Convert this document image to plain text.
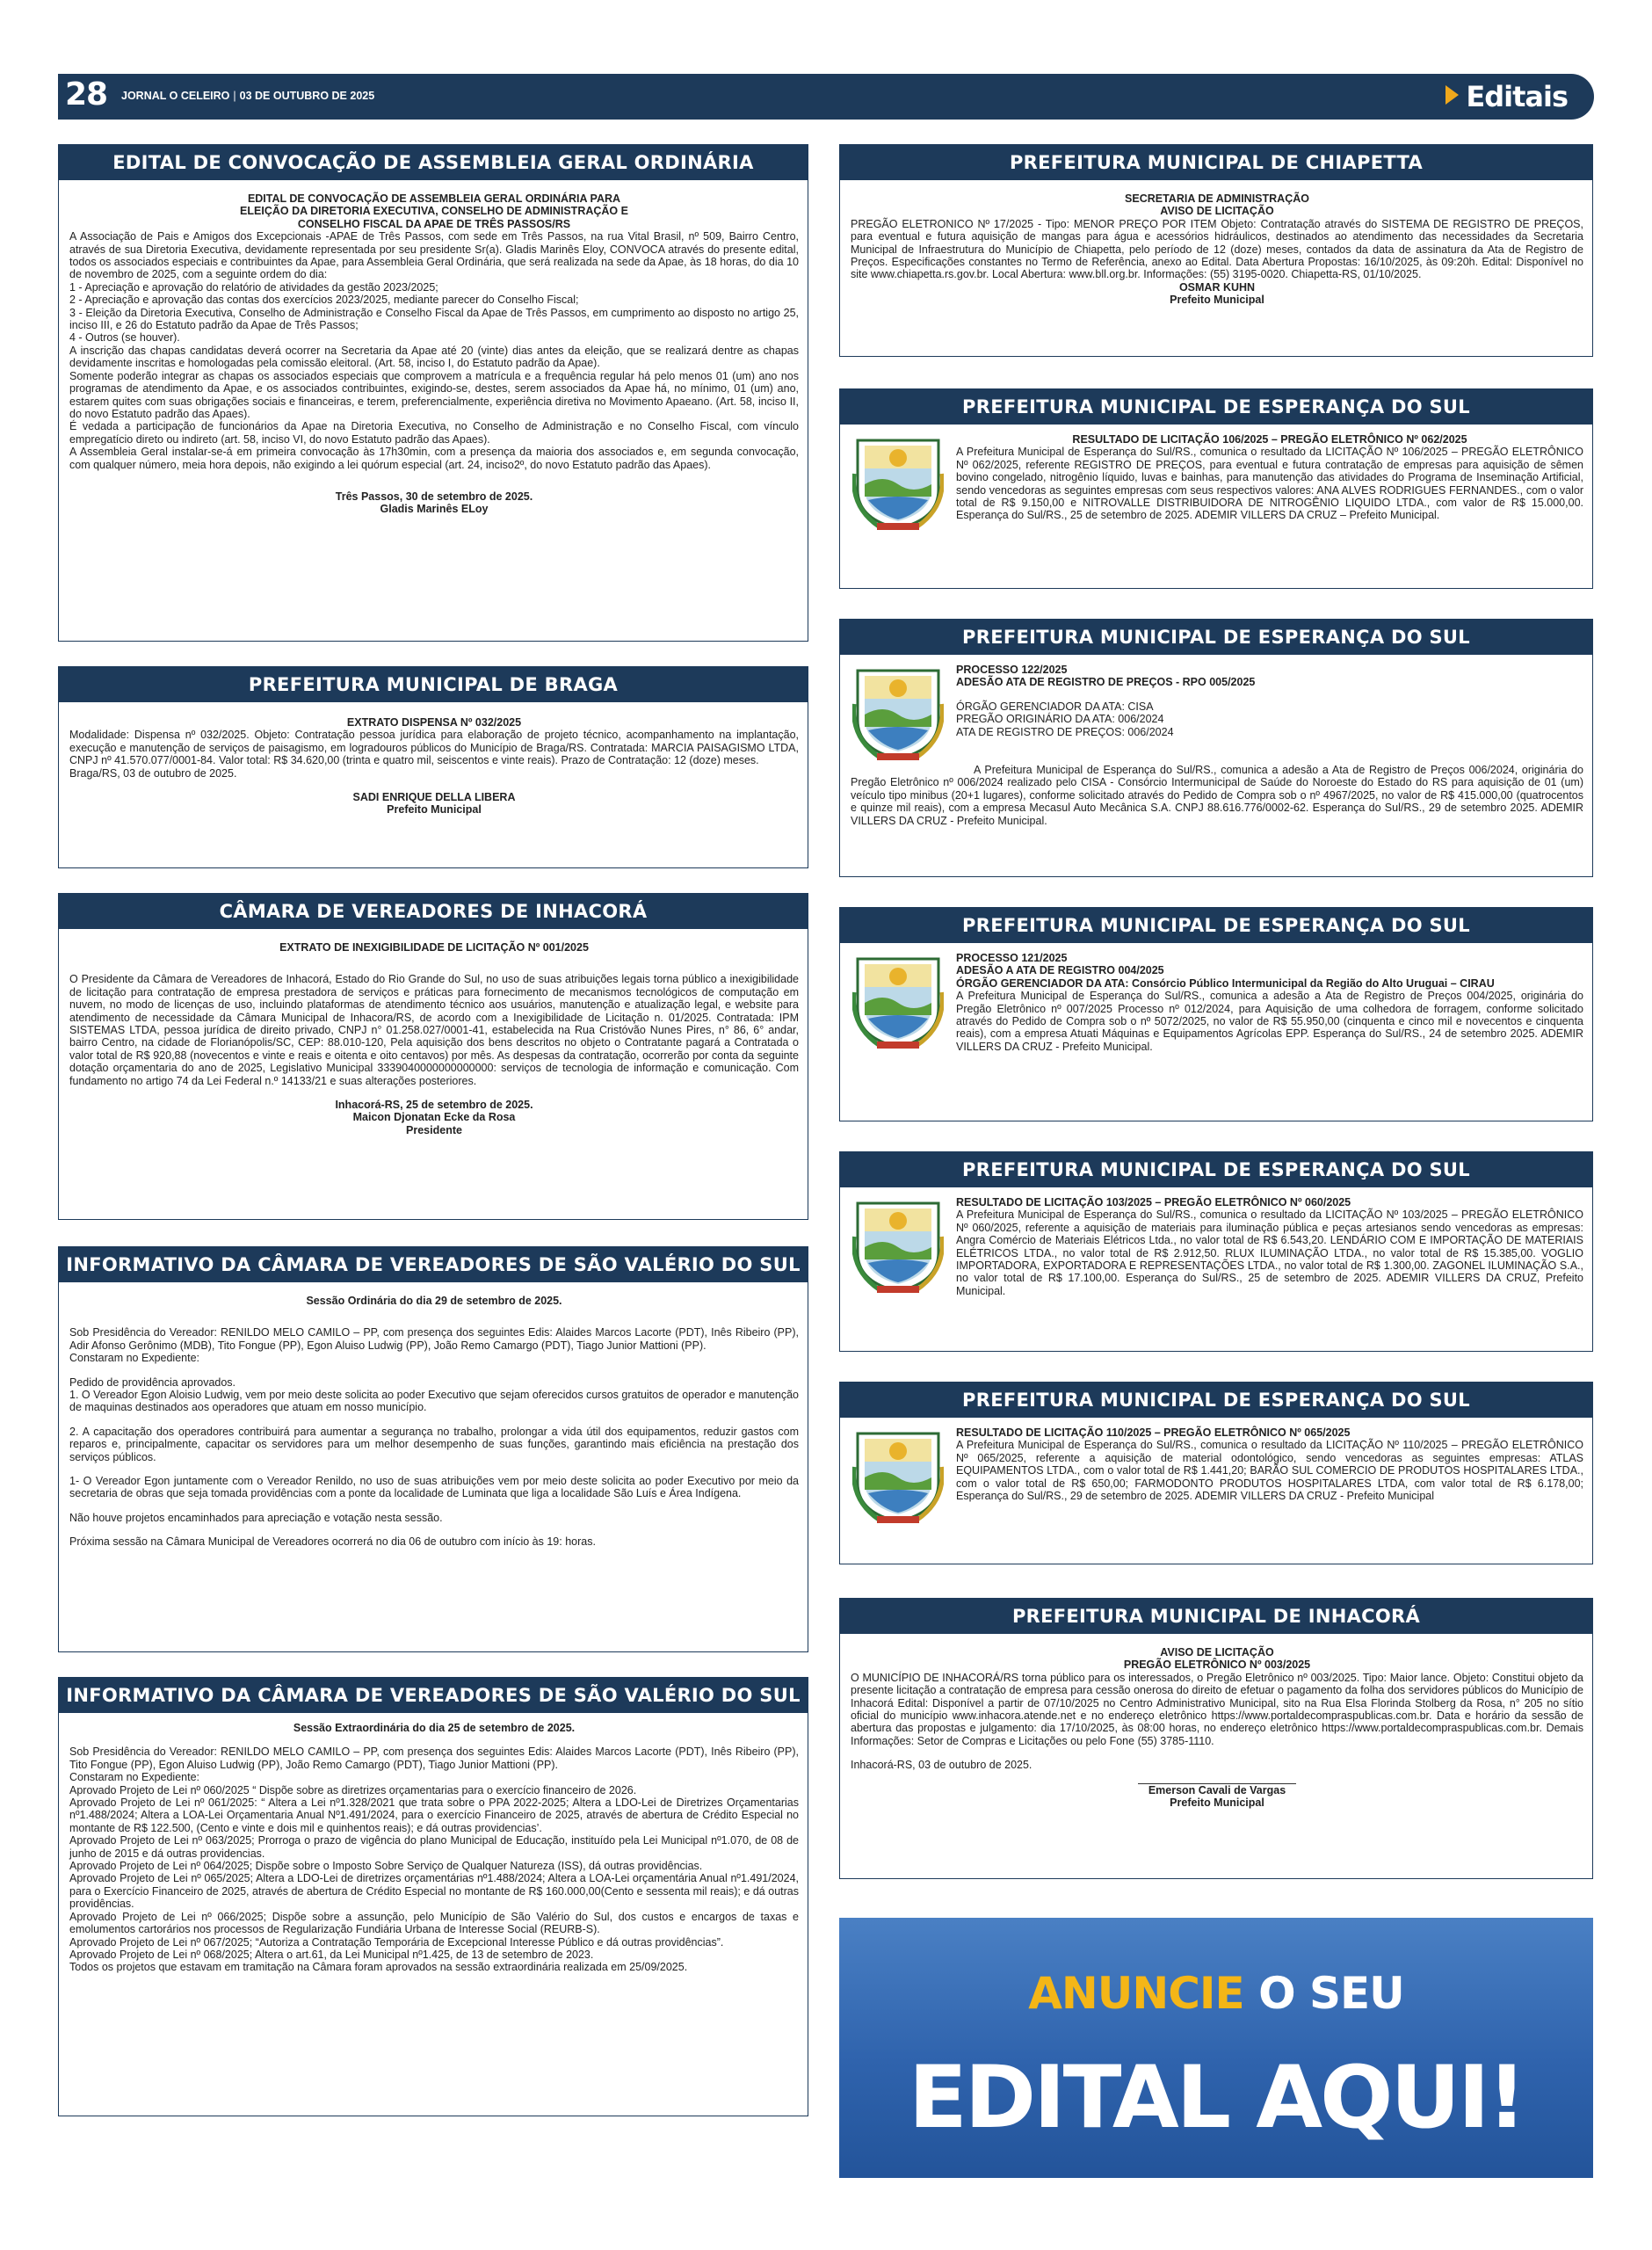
28 JORNAL O CELEIRO | 03 DE OUTUBRO DE 2025	Editais
EDITAL DE CONVOCAÇÃO DE ASSEMBLEIA GERAL ORDINÁRIA

EDITAL DE CONVOCAÇÃO DE ASSEMBLEIA GERAL ORDINÁRIA PARA

ELEIÇÃO DA DIRETORIA EXECUTIVA, CONSELHO DE ADMINISTRAÇÃO E

CONSELHO FISCAL DA APAE DE TRÊS PASSOS/RS

A Associação de Pais e Amigos dos Excepcionais -APAE de Três Passos, com sede em Três Passos, na rua Vital Brasil, nº 509, Bairro Centro, através de sua Diretoria Executiva, devidamente representada por seu presidente Sr(a). Gladis Marinês Eloy, CONVOCA através do presente edital, todos os associados especiais e contribuintes da Apae, para Assembleia Geral Ordinária, que será realizada na sede da Apae, às 18 horas, do dia 10 de novembro de 2025, com a seguinte ordem do dia:

1 - Apreciação e aprovação do relatório de atividades da gestão 2023/2025;

2 - Apreciação e aprovação das contas dos exercícios 2023/2025, mediante parecer do Conselho Fiscal;

3 - Eleição da Diretoria Executiva, Conselho de Administração e Conselho Fiscal da Apae de Três Passos, em cumprimento ao disposto no artigo 25, inciso III, e 26 do Estatuto padrão da Apae de Três Passos;

4 - Outros (se houver).

A inscrição das chapas candidatas deverá ocorrer na Secretaria da Apae até 20 (vinte) dias antes da eleição, que se realizará dentre as chapas devidamente inscritas e homologadas pela comissão eleitoral. (Art. 58, inciso I, do Estatuto padrão da Apae).

Somente poderão integrar as chapas os associados especiais que comprovem a matrícula e a frequência regular há pelo menos 01 (um) ano nos programas de atendimento da Apae, e os associados contribuintes, exigindo-se, destes, serem associados da Apae há, no mínimo, 01 (um) ano, estarem quites com suas obrigações sociais e financeiras, e terem, preferencialmente, experiência diretiva no Movimento Apaeano. (Art. 58, inciso II, do novo Estatuto padrão das Apaes).

É vedada a participação de funcionários da Apae na Diretoria Executiva, no Conselho de Administração e no Conselho Fiscal, com vínculo empregatício direto ou indireto (art. 58, inciso VI, do novo Estatuto padrão das Apaes).

A Assembleia Geral instalar-se-á em primeira convocação às 17h30min, com a presença da maioria dos associados e, em segunda convocação, com qualquer número, meia hora depois, não exigindo a lei quórum especial (art. 24, inciso2º, do novo Estatuto padrão das Apaes).

Três Passos, 30 de setembro de 2025.

Gladis Marinês ELoy

PREFEITURA MUNICIPAL DE BRAGA

EXTRATO DISPENSA Nº 032/2025

Modalidade: Dispensa nº 032/2025. Objeto: Contratação pessoa jurídica para elaboração de projeto técnico, acompanhamento na implantação, execução e manutenção de serviços de paisagismo, em logradouros públicos do Município de Braga/RS. Contratada: MARCIA PAISAGISMO LTDA, CNPJ nº 41.570.077/0001-84. Valor total: R$ 34.620,00 (trinta e quatro mil, seiscentos e vinte reais). Prazo de Contratação: 12 (doze) meses.

Braga/RS, 03 de outubro de 2025.

SADI ENRIQUE DELLA LIBERA

Prefeito Municipal

CÂMARA DE VEREADORES DE INHACORÁ

EXTRATO DE INEXIGIBILIDADE DE LICITAÇÃO Nº 001/2025

O Presidente da Câmara de Vereadores de Inhacorá, Estado do Rio Grande do Sul, no uso de suas atribuições legais torna público a inexigibilidade de licitação para contratação de empresa prestadora de serviços e práticas para fornecimento de mecanismos tecnológicos de computação em nuvem, no modo de licenças de uso, incluindo plataformas de atendimento técnico aos usuários, manutenção e atualização legal, e website para atendimento de necessidade da Câmara Municipal de Inhacora/RS, de acordo com a Inexigibilidade de Licitação n. 01/2025. Contratada: IPM SISTEMAS LTDA, pessoa jurídica de direito privado, CNPJ n° 01.258.027/0001-41, estabelecida na Rua Cristóvão Nunes Pires, n° 86, 6° andar, bairro Centro, na cidade de Florianópolis/SC, CEP: 88.010-120, Pela aquisição dos bens descritos no objeto o Contratante pagará a Contratada o valor total de R$ 920,88 (novecentos e vinte e reais e oitenta e oito centavos) por mês. As despesas da contratação, ocorrerão por conta da seguinte dotação orçamentaria do ano de 2025, Legislativo Municipal 3339040000000000000: serviços de tecnologia de informação e comunicação. Com fundamento no artigo 74 da Lei Federal n.º 14133/21 e suas alterações posteriores.

Inhacorá-RS, 25 de setembro de 2025.

Maicon Djonatan Ecke da Rosa

Presidente

INFORMATIVO DA CÂMARA DE VEREADORES DE SÃO VALÉRIO DO SUL

Sessão Ordinária do dia 29 de setembro de 2025.

Sob Presidência do Vereador: RENILDO MELO CAMILO – PP, com presença dos seguintes Edis: Alaides Marcos Lacorte (PDT), Inês Ribeiro (PP), Adir Afonso Gerônimo (MDB), Tito Fongue (PP), Egon Aluiso Ludwig (PP), João Remo Camargo (PDT), Tiago Junior Mattioni (PP).

Constaram no Expediente:

Pedido de providência aprovados.

1. O Vereador Egon Aloisio Ludwig, vem por meio deste solicita ao poder Executivo que sejam oferecidos cursos gratuitos de operador e manutenção de maquinas destinados aos operadores que atuam em nosso município.

2. A capacitação dos operadores contribuirá para aumentar a segurança no trabalho, prolongar a vida útil dos equipamentos, reduzir gastos com reparos e, principalmente, capacitar os servidores para um melhor desempenho de suas funções, garantindo mais eficiência na prestação dos serviços públicos.

1- O Vereador Egon juntamente com o Vereador Renildo, no uso de suas atribuições vem por meio deste solicita ao poder Executivo por meio da secretaria de obras que seja tomada providências com a ponte da localidade de Luminata que liga a localidade São Luís e Área Indígena.

Não houve projetos encaminhados para apreciação e votação nesta sessão.

Próxima sessão na Câmara Municipal de Vereadores ocorrerá no dia 06 de outubro com início às 19: horas.

INFORMATIVO DA CÂMARA DE VEREADORES DE SÃO VALÉRIO DO SUL

Sessão Extraordinária do dia 25 de setembro de 2025.

Sob Presidência do Vereador: RENILDO MELO CAMILO – PP, com presença dos seguintes Edis: Alaides Marcos Lacorte (PDT), Inês Ribeiro (PP), Tito Fongue (PP), Egon Aluiso Ludwig (PP), João Remo Camargo (PDT), Tiago Junior Mattioni (PP).

Constaram no Expediente:

Aprovado Projeto de Lei nº 060/2025 “ Dispõe sobre as diretrizes orçamentarias para o exercício financeiro de 2026.

Aprovado Projeto de Lei nº 061/2025: “ Altera a Lei nº1.328/2021 que trata sobre o PPA 2022-2025; Altera a LDO-Lei de Diretrizes Orçamentarias nº1.488/2024; Altera a LOA-Lei Orçamentaria Anual Nº1.491/2024, para o exercício Financeiro de 2025, através de abertura de Crédito Especial no montante de R$ 122.500, (Cento e vinte e dois mil e quinhentos reais); e dá outras providencias’.

Aprovado Projeto de Lei nº 063/2025; Prorroga o prazo de vigência do plano Municipal de Educação, instituído pela Lei Municipal nº1.070, de 08 de junho de 2015 e dá outras providencias.

Aprovado Projeto de Lei nº 064/2025; Dispõe sobre o Imposto Sobre Serviço de Qualquer Natureza (ISS), dá outras providências.

Aprovado Projeto de Lei nº 065/2025; Altera a LDO-Lei de diretrizes orçamentárias nº1.488/2024; Altera a LOA-Lei orçamentária Anual nº1.491/2024, para o Exercício Financeiro de 2025, através de abertura de Crédito Especial no montante de R$ 160.000,00(Cento e sessenta mil reais); e dá outras providências.

Aprovado Projeto de Lei nº 066/2025; Dispõe sobre a assunção, pelo Município de São Valério do Sul, dos custos e encargos de taxas e emolumentos cartorários nos processos de Regularização Fundiária Urbana de Interesse Social (REURB-S).

Aprovado Projeto de Lei nº 067/2025; “Autoriza a Contratação Temporária de Excepcional Interesse Público e dá outras providências”.

Aprovado Projeto de Lei nº 068/2025; Altera o art.61, da Lei Municipal nº1.425, de 13 de setembro de 2023.

Todos os projetos que estavam em tramitação na Câmara foram aprovados na sessão extraordinária realizada em 25/09/2025.

PREFEITURA MUNICIPAL DE CHIAPETTA

SECRETARIA DE ADMINISTRAÇÃO

AVISO DE LICITAÇÃO

PREGÃO ELETRONICO Nº 17/2025 - Tipo: MENOR PREÇO POR ITEM Objeto: Contratação através do SISTEMA DE REGISTRO DE PREÇOS, para eventual e futura aquisição de mangas para água e acessórios hidráulicos, destinados ao atendimento das necessidades da Secretaria Municipal de Infraestrutura do Município de Chiapetta, pelo período de 12 (doze) meses, contados da data de assinatura da Ata de Registro de Preços. Especificações constantes no Termo de Referência, anexo ao Edital. Data Abertura Propostas: 16/10/2025, às 09:20h. Edital: Disponível no site www.chiapetta.rs.gov.br. Local Abertura: www.bll.org.br. Informações: (55) 3195-0020. Chiapetta-RS, 01/10/2025.

OSMAR KUHN

Prefeito Municipal

PREFEITURA MUNICIPAL DE ESPERANÇA DO SUL

RESULTADO DE LICITAÇÃO 106/2025 – PREGÃO ELETRÔNICO Nº 062/2025

A Prefeitura Municipal de Esperança do Sul/RS., comunica o resultado da LICITAÇÃO Nº 106/2025 – PREGÃO ELETRÔNICO Nº 062/2025, referente REGISTRO DE PREÇOS, para eventual e futura contratação de empresas para aquisição de sêmen bovino congelado, nitrogênio líquido, luvas e bainhas, para manutenção das atividades do Programa de Inseminação Artificial, sendo vencedoras as seguintes empresas com seus respectivos valores: ANA ALVES RODRIGUES FERNANDES., com o valor total de R$ 9.150,00 e NITROVALLE DISTRIBUIDORA DE NITROGÊNIO LIQUIDO LTDA., com valor de R$ 15.000,00. Esperança do Sul/RS., 25 de setembro de 2025. ADEMIR VILLERS DA CRUZ – Prefeito Municipal.

PREFEITURA MUNICIPAL DE ESPERANÇA DO SUL

PROCESSO 122/2025

ADESÃO ATA DE REGISTRO DE PREÇOS - RPO 005/2025

ÓRGÃO GERENCIADOR DA ATA: CISA

PREGÃO ORIGINÁRIO DA ATA: 006/2024

ATA DE REGISTRO DE PREÇOS: 006/2024

A Prefeitura Municipal de Esperança do Sul/RS., comunica a adesão a Ata de Registro de Preços 006/2024, originária do Pregão Eletrônico nº 006/2024 realizado pelo CISA - Consórcio Intermunicipal de Saúde do Noroeste do Estado do RS para aquisição de 01 (um) veículo tipo minibus (20+1 lugares), conforme solicitado através do Pedido de Compra sob o nº 4967/2025, no valor de R$ 415.000,00 (quatrocentos e quinze mil reais), com a empresa Mecasul Auto Mecânica S.A. CNPJ 88.616.776/0002-62. Esperança do Sul/RS., 29 de setembro 2025. ADEMIR VILLERS DA CRUZ - Prefeito Municipal.

PREFEITURA MUNICIPAL DE ESPERANÇA DO SUL

PROCESSO 121/2025

ADESÃO A ATA DE REGISTRO 004/2025

ÓRGÃO GERENCIADOR DA ATA: Consórcio Público Intermunicipal da Região do Alto Uruguai – CIRAU

A Prefeitura Municipal de Esperança do Sul/RS., comunica a adesão a Ata de Registro de Preços 004/2025, originária do Pregão Eletrônico nº 007/2025 Processo nº 012/2024, para Aquisição de uma colhedora de forragem, conforme solicitado através do Pedido de Compra sob o nº 5072/2025, no valor de R$ 55.950,00 (cinquenta e cinco mil e novecentos e cinquenta reais), com a empresa Atuati Máquinas e Equipamentos Agrícolas EPP. Esperança do Sul/RS., 24 de setembro 2025. ADEMIR VILLERS DA CRUZ - Prefeito Municipal.

PREFEITURA MUNICIPAL DE ESPERANÇA DO SUL

RESULTADO DE LICITAÇÃO 103/2025 – PREGÃO ELETRÔNICO Nº 060/2025

A Prefeitura Municipal de Esperança do Sul/RS., comunica o resultado da LICITAÇÃO Nº 103/2025 – PREGÃO ELETRÔNICO Nº 060/2025, referente a aquisição de materiais para iluminação pública e peças artesianos sendo vencedoras as empresas: Angra Comércio de Materiais Elétricos Ltda., no valor total de R$ 6.543,20. LENDÁRIO COM E IMPORTAÇÃO DE MATERIAIS ELÉTRICOS LTDA., no valor total de R$ 2.912,50. RLUX ILUMINAÇÃO LTDA., no valor total de R$ 15.385,00. VOGLIO IMPORTADORA, EXPORTADORA E REPRESENTAÇÕES LTDA., no valor total de R$ 1.300,00. ZAGONEL ILUMINAÇÃO S.A., no valor total de R$ 17.100,00. Esperança do Sul/RS., 25 de setembro de 2025. ADEMIR VILLERS DA CRUZ, Prefeito Municipal.

PREFEITURA MUNICIPAL DE ESPERANÇA DO SUL

RESULTADO DE LICITAÇÃO 110/2025 – PREGÃO ELETRÔNICO Nº 065/2025

A Prefeitura Municipal de Esperança do Sul/RS., comunica o resultado da LICITAÇÃO Nº 110/2025 – PREGÃO ELETRÔNICO Nº 065/2025, referente a aquisição de material odontológico, sendo vencedoras as seguintes empresas: ATLAS EQUIPAMENTOS LTDA., com o valor total de R$ 1.441,20; BARÃO SUL COMERCIO DE PRODUTOS HOSPITALARES LTDA., com o valor total de R$ 650,00; FARMODONTO PRODUTOS HOSPITALARES LTDA, com valor total de R$ 6.178,00; Esperança do Sul/RS., 29 de setembro de 2025. ADEMIR VILLERS DA CRUZ - Prefeito Municipal

PREFEITURA MUNICIPAL DE INHACORÁ

AVISO DE LICITAÇÃO

PREGÃO ELETRÔNICO Nº 003/2025

O MUNICÍPIO DE INHACORÁ/RS torna público para os interessados, o Pregão Eletrônico nº 003/2025. Tipo: Maior lance. Objeto: Constitui objeto da presente licitação a contratação de empresa para cessão onerosa do direito de efetuar o pagamento da folha dos servidores públicos do Município de Inhacorá Edital: Disponível a partir de 07/10/2025 no Centro Administrativo Municipal, sito na Rua Elsa Florinda Stolberg da Rosa, n° 205 no sítio oficial do município www.inhacora.atende.net e no endereço eletrônico https://www.portaldecompraspublicas.com.br. Data e horário da sessão de abertura das propostas e julgamento: dia 17/10/2025, às 08:00 horas, no endereço eletrônico https://www.portaldecompraspublicas.com.br. Demais Informações: Setor de Compras e Licitações ou pelo Fone (55) 3785-1110.

Inhacorá-RS, 03 de outubro de 2025.

Emerson Cavali de Vargas

Prefeito Municipal

ANUNCIE O SEU
EDITAL AQUI!
